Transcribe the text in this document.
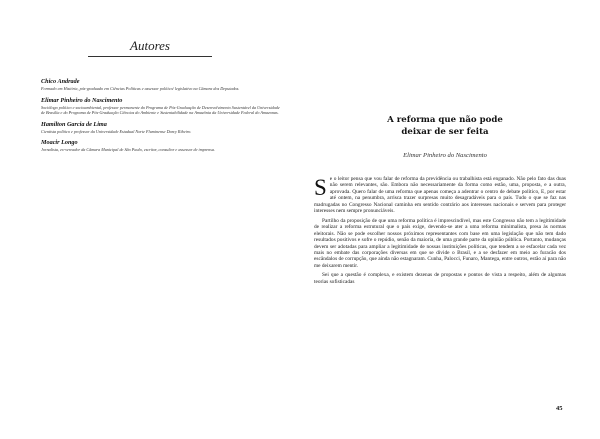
Autores
Chico Andrade
Formado em História, pós-graduado em Ciências Políticas e assessor político/ legislativo na Câmara dos Deputados.
Elimar Pinheiro do Nascimento
Sociólogo político e socioambiental, professor permanente do Programa de Pós-Graduação de Desenvolvimento Sustentável da Universidade de Brasília e do Programa de Pós-Graduação Ciências do Ambiente e Sustentabilidade na Amazônia da Universidade Federal do Amazonas.
Hamilton Garcia de Lima
Cientista político e professor da Universidade Estadual Norte Fluminense Darcy Ribeiro.
Moacir Longo
Jornalista, ex-vereador da Câmara Municipal de São Paulo, escritor, consultor e assessor de imprensa.
A reforma que não pode
deixar de ser feita
Elimar Pinheiro do Nascimento

Se o leitor pensa que vou falar de reforma da previdência ou trabalhista está enganado. Não pelo fato das duas não serem relevantes, são. Embora não necessariamente da forma como estão, uma, proposta, e a outra, aprovada. Quero falar de uma reforma que apenas começa a adentrar o centro de debate político, E, por estar até ontem, na penumbra, arrisca trazer surpresas muito desagradáveis para o país. Tudo o que se faz nas madrugadas no Congresso Nacional caminha em sentido contrário aos interesses nacionais e servem para proteger interesses nem sempre pronunciáveis.

Partilho da proposição de que uma reforma política é imprescindível, mas este Congresso não tem a legitimidade de realizar a reforma estrutural que o país exige, devendo-se ater a uma reforma minimalista, presa às normas eleitorais. Não se pode escolher nossos próximos representantes com base em uma legislação que não tem dado resultados positivos e sofre o repúdio, senão da maioria, de uma grande parte da opinião pública. Portanto, mudanças devem ser adotadas para ampliar a legitimidade de nossas instituições políticas, que tendem a se esfacelar cada vez mais no embate das corporações diversas em que se divide o Brasil, e a se desfazer em meio ao furacão dos escândalos de corrupção, que ainda não estagnaram. Cunha, Palocci, Funaro, Mantega, entre outros, estão aí para não me deixarem mentir.

Sei que a questão é complexa, e existem dezenas de propostas e pontos de vista a respeito, além de algumas teorias sofisticadas

45
